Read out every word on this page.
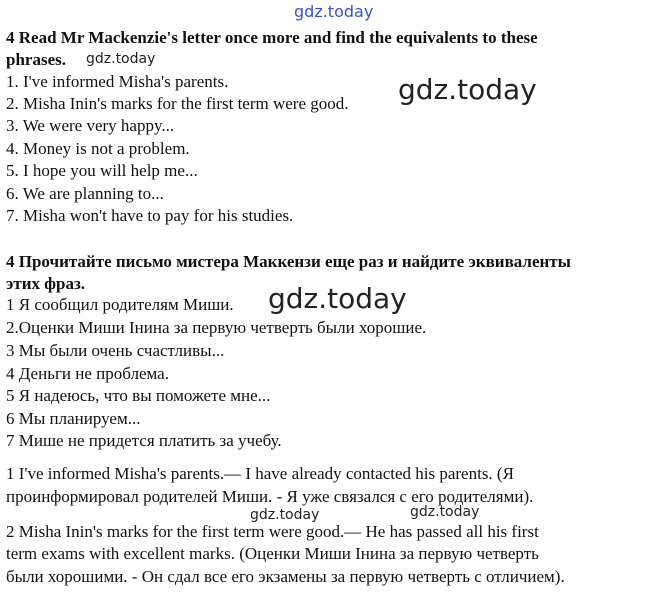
gdz.today
gdz.today
gdz.today
gdz.today
gdz.today	gdz.today
4 Read Mr Mackenzie's letter once more and find the equivalents to these
phrases.
1. I've informed Misha's parents.
2. Misha Inin's marks for the first term were good.
3. We were very happy...
4. Money is not a problem.
5. I hope you will help me...
6. We are planning to...
7. Misha won't have to pay for his studies.
4 Прочитайте письмо мистера Маккензи еще раз и найдите эквиваленты
этих фраз.
1 Я сообщил родителям Миши.
2.Оценки Миши Інина за первую четверть были хорошие.
3 Мы были очень счастливы...
4 Деньги не проблема.
5 Я надеюсь, что вы поможете мне...
6 Мы планируем...
7 Мише не придется платить за учебу.
1 I've informed Misha's parents.— I have already contacted his parents. (Я
проинформировал родителей Миши. - Я уже связался с его родителями).
2 Misha Inin's marks for the first term were good.— He has passed all his first
term exams with excellent marks. (Оценки Миши Інина за первую четверть
были хорошими. - Он сдал все его экзамены за первую четверть с отличием).
